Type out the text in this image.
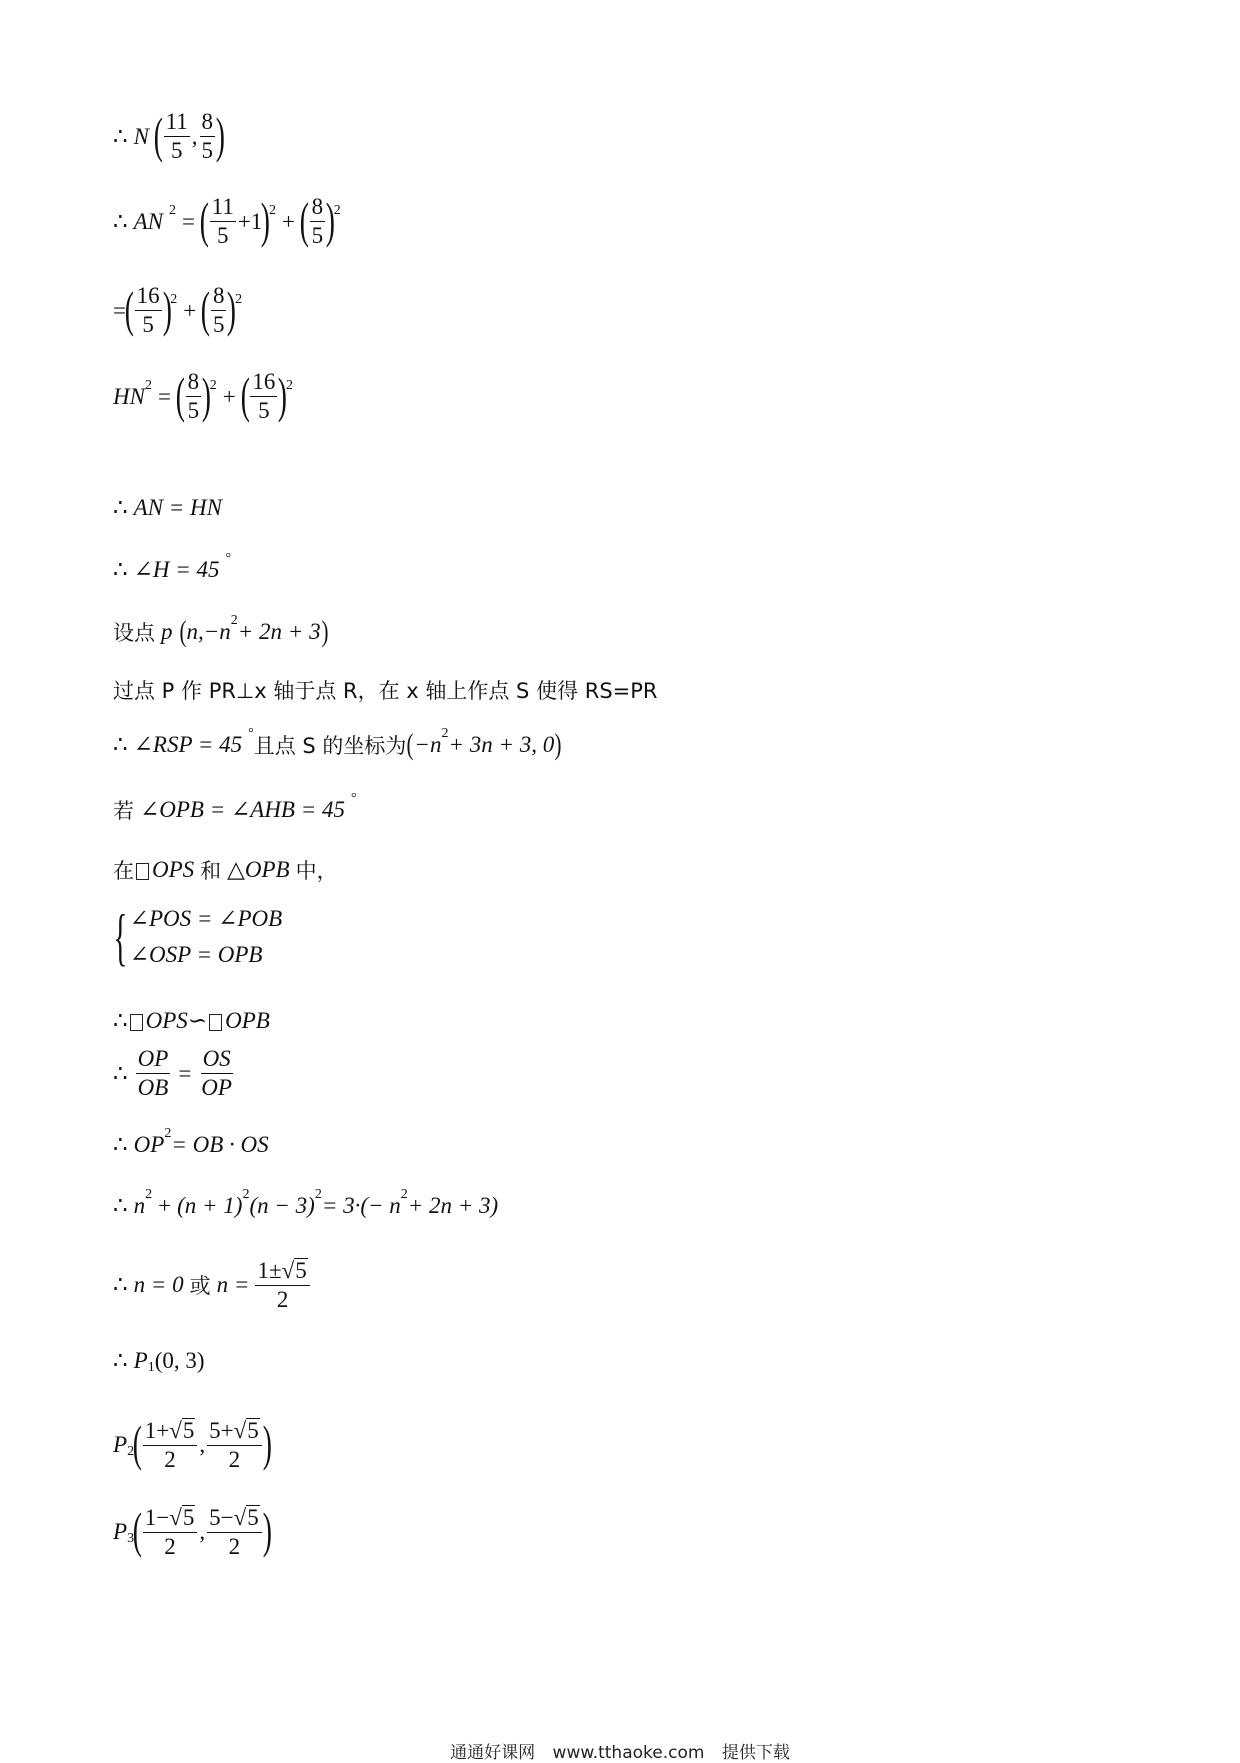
∴ N ( $\frac{11}{5}$ , $\frac{8}{5}$ )
∴ AN 2 = ( $\frac{11}{5} +1$
)
2 + ( $\frac{8}{5}$ )
2
=
( $\frac{16}{5}$ )
2 + ( $\frac{8}{5}$ )
2
HN 2 = ( $\frac{8}{5}$ )
2 + ( $\frac{16}{5}$ )
2
∴ AN = HN
∴ ∠H = 45 °
设点 p ( n,−n 2 + 2n + 3 )
过点 P 作 PR⊥x 轴于点 R，在 x 轴上作点 S 使得 RS=PR
∴ ∠RSP = 45 °
且点 S 的坐标为 ( −n 2 + 3n + 3, 0 )
若 ∠OPB = ∠AHB = 45 °
在 OPS 和 △OPB 中，
{ ∠POS = ∠POB
∠OSP = OPB
∴ OPS ∽ OPB
∴ $\frac{OP}{OB} = \frac{OS}{OP}$
∴ OP 2 = OB · OS
∴ n 2 + (n + 1) 2 (n − 3) 2 = 3·(− n 2 + 2n + 3)
∴ n = 0 或 $n = \frac{1\pm √ 5}{2}$
∴ P 1 (0, 3)
P 2
( $\frac{1+ √ 5}{2}$ , $\frac{5+ √ 5}{2}$ )
P 3
( $\frac{1- √ 5}{2}$ , $\frac{5- √ 5}{2}$ )
通通好课网 www.tthaoke.com 提供下载
